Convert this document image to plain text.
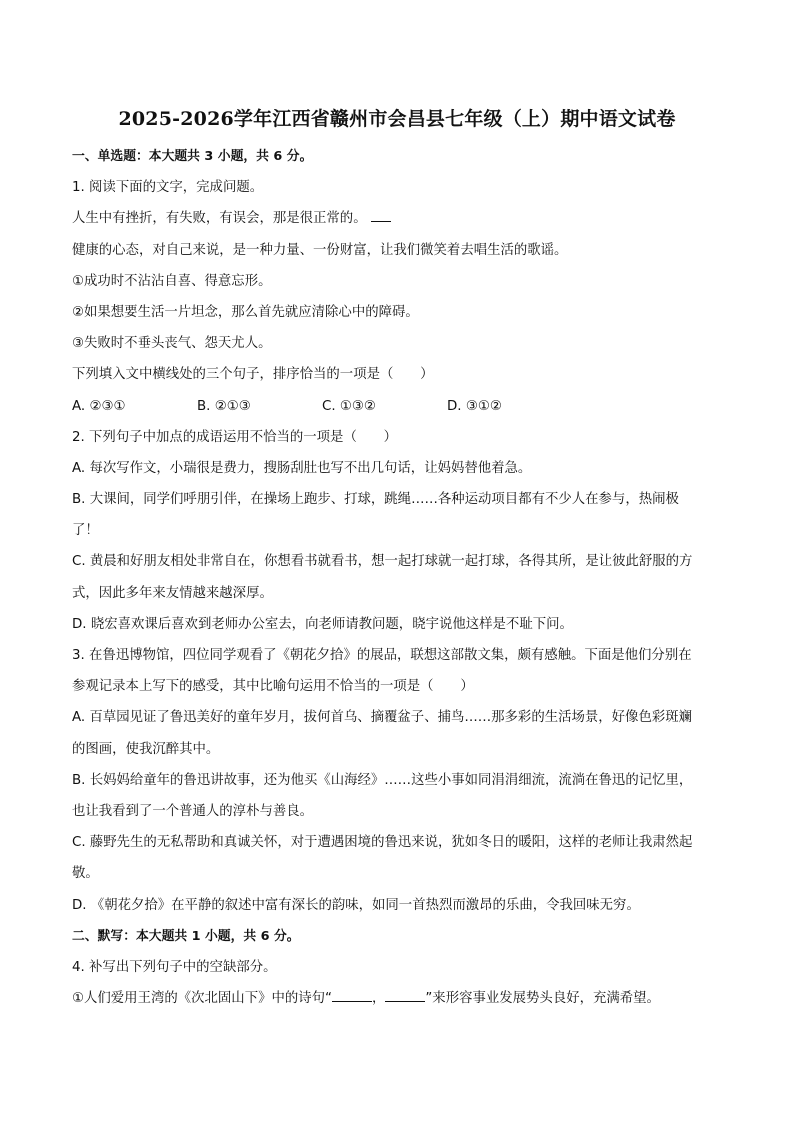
2025-2026学年江西省赣州市会昌县七年级（上）期中语文试卷
一、单选题：本大题共 3 小题，共 6 分。
1. 阅读下面的文字，完成问题。
人生中有挫折，有失败，有误会，那是很正常的。
健康的心态，对自己来说，是一种力量、一份财富，让我们微笑着去唱生活的歌谣。
①成功时不沾沾自喜、得意忘形。
②如果想要生活一片坦念，那么首先就应清除心中的障碍。
③失败时不垂头丧气、怨天尤人。
下列填入文中横线处的三个句子，排序恰当的一项是（　　）
A. ②③①	B. ②①③	C. ①③②	D. ③①②
2. 下列句子中加点的成语运用不恰当的一项是（　　）
A. 每次写作文，小瑞很是费力，搜肠刮肚也写不出几句话，让妈妈替他着急。
B. 大课间，同学们呼朋引伴，在操场上跑步、打球，跳绳……各种运动项目都有不少人在参与，热闹极
了！
C. 黄晨和好朋友相处非常自在，你想看书就看书，想一起打球就一起打球，各得其所，是让彼此舒服的方
式，因此多年来友情越来越深厚。
D. 晓宏喜欢课后喜欢到老师办公室去，向老师请教问题，晓宇说他这样是不耻下问。
3. 在鲁迅博物馆，四位同学观看了《朝花夕拾》的展品，联想这部散文集，颇有感触。下面是他们分别在
参观记录本上写下的感受，其中比喻句运用不恰当的一项是（　　）
A. 百草园见证了鲁迅美好的童年岁月，拔何首乌、摘覆盆子、捕鸟……那多彩的生活场景，好像色彩斑斓
的图画，使我沉醉其中。
B. 长妈妈给童年的鲁迅讲故事，还为他买《山海经》……这些小事如同涓涓细流，流淌在鲁迅的记忆里，
也让我看到了一个普通人的淳朴与善良。
C. 藤野先生的无私帮助和真诚关怀，对于遭遇困境的鲁迅来说，犹如冬日的暖阳，这样的老师让我肃然起
敬。
D. 《朝花夕拾》在平静的叙述中富有深长的韵味，如同一首热烈而激昂的乐曲，令我回味无穷。
二、默写：本大题共 1 小题，共 6 分。
4. 补写出下列句子中的空缺部分。
①人们爱用王湾的《次北固山下》中的诗句“	，	”来形容事业发展势头良好，充满希望。
